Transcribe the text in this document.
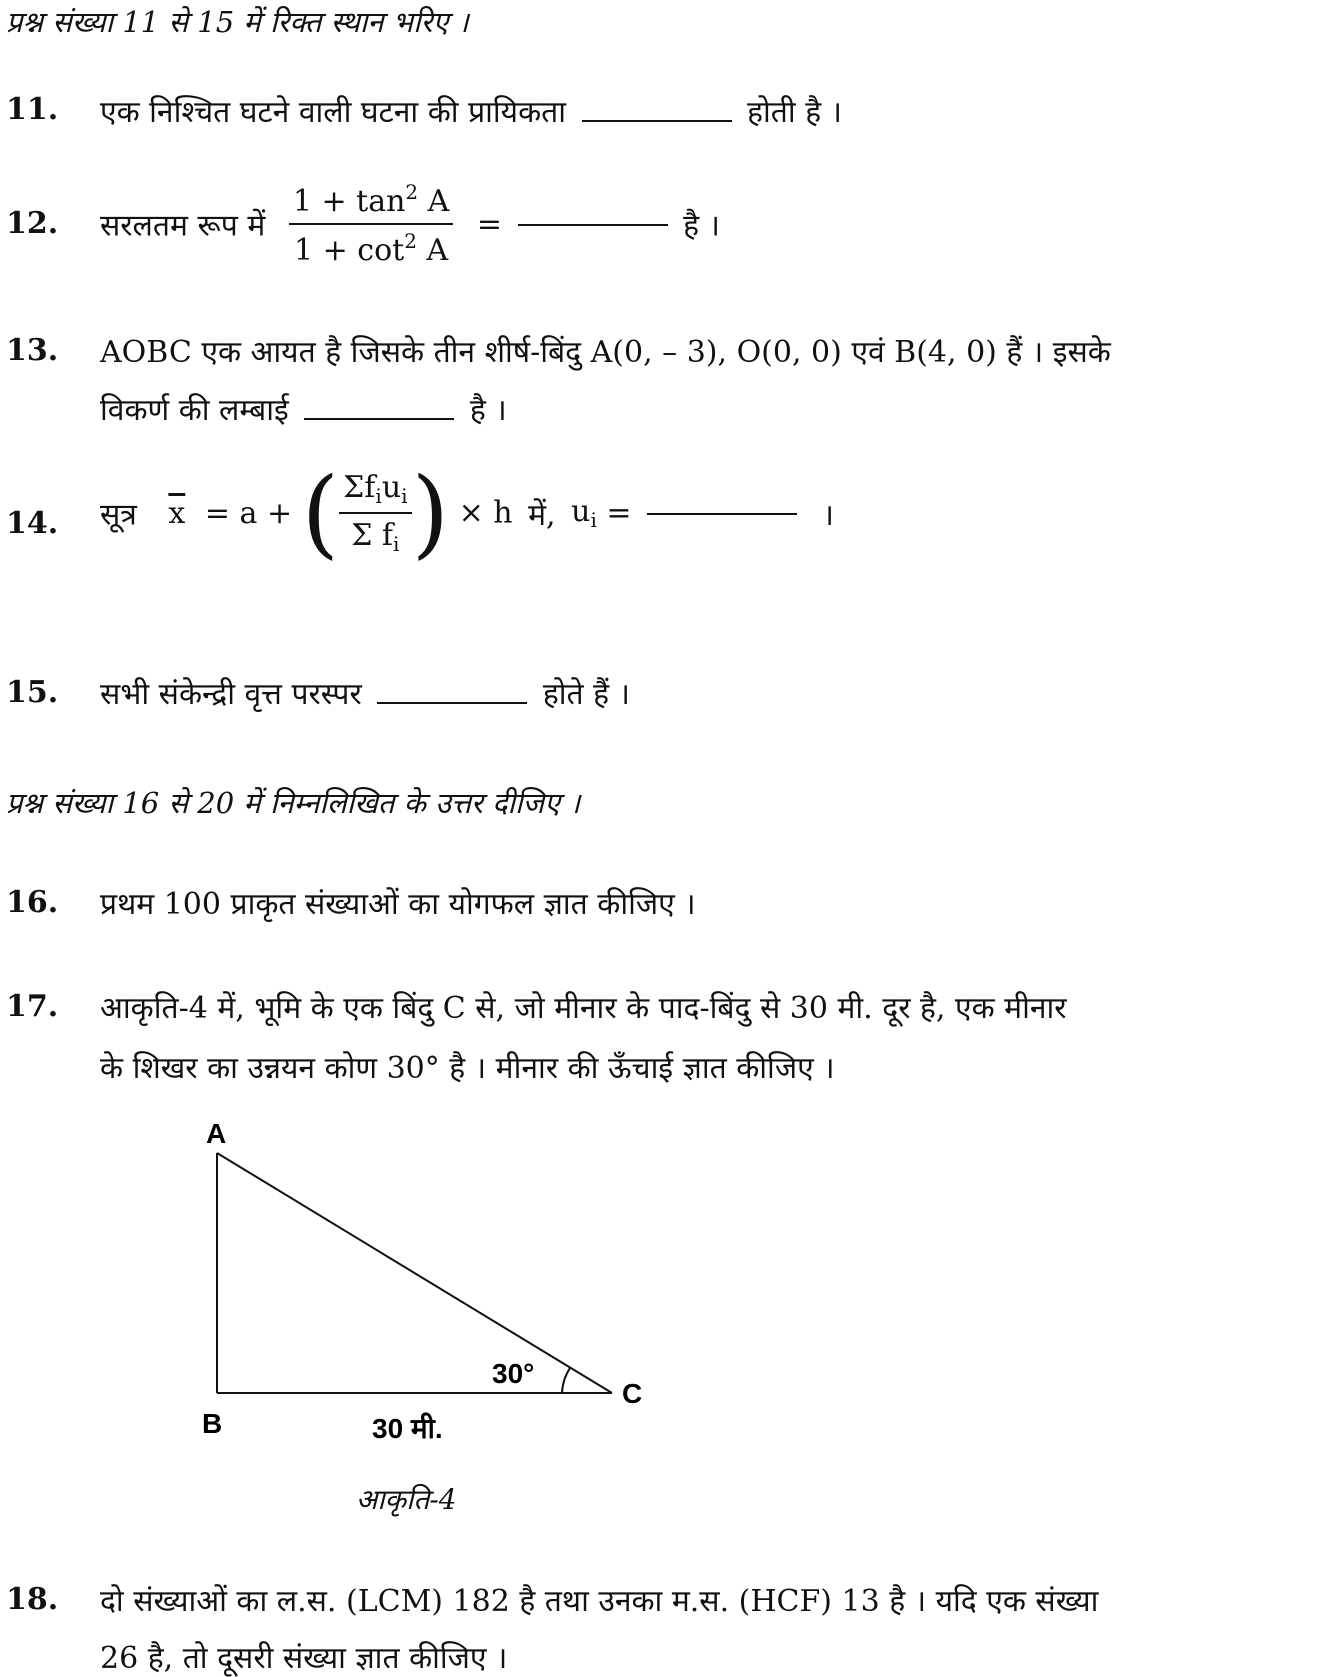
प्रश्न संख्या 11 से 15 में रिक्त स्थान भरिए ।
11. एक निश्चित घटने वाली घटना की प्रायिकता	होती है ।
12. सरलतम रूप में $\frac{1 + \tan^2 A}{1 + \cot^2 A}$ =	है ।
13. AOBC एक आयत है जिसके तीन शीर्ष-बिंदु A(0, – 3), O(0, 0) एवं B(4, 0) हैं । इसके
विकर्ण की लम्बाई	है ।
14. सूत्र $\overline{x} = a$ + ( $\frac{\Sigma f_iu_i}{\Sigma f_i}$ ) × h में, $u_i$ =	।
15. सभी संकेन्द्री वृत्त परस्पर	होते हैं ।
प्रश्न संख्या 16 से 20 में निम्नलिखित के उत्तर दीजिए ।
16. प्रथम 100 प्राकृत संख्याओं का योगफल ज्ञात कीजिए ।
17. आकृति-4 में, भूमि के एक बिंदु C से, जो मीनार के पाद-बिंदु से 30 मी. दूर है, एक मीनार
के शिखर का उन्नयन कोण 30° है । मीनार की ऊँचाई ज्ञात कीजिए ।
A
B
C
30°
30 मी.
आकृति-4
18. दो संख्याओं का ल.स. (LCM) 182 है तथा उनका म.स. (HCF) 13 है । यदि एक संख्या
26 है, तो दूसरी संख्या ज्ञात कीजिए ।
